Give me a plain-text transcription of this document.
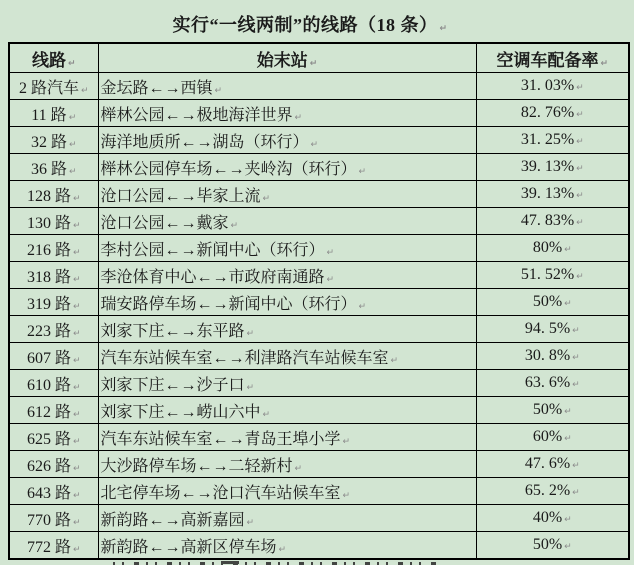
实行“一线两制”的线路（18 条） ↵
线路 ↵	始末站 ↵	空调车配备率 ↵
2 路汽车 ↵	金坛路←→西镇 ↵	31. 03% ↵
11 路 ↵	榉林公园←→极地海洋世界 ↵	82. 76% ↵
32 路 ↵	海洋地质所←→湖岛（环行） ↵	31. 25% ↵
36 路 ↵	榉林公园停车场←→夹岭沟（环行） ↵	39. 13% ↵
128 路 ↵	沧口公园←→毕家上流 ↵	39. 13% ↵
130 路 ↵	沧口公园←→戴家 ↵	47. 83% ↵
216 路 ↵	李村公园←→新闻中心（环行） ↵	80% ↵
318 路 ↵	李沧体育中心←→市政府南通路 ↵	51. 52% ↵
319 路 ↵	瑞安路停车场←→新闻中心（环行） ↵	50% ↵
223 路 ↵	刘家下庄←→东平路 ↵	94. 5% ↵
607 路 ↵	汽车东站候车室←→利津路汽车站候车室 ↵	30. 8% ↵
610 路 ↵	刘家下庄←→沙子口 ↵	63. 6% ↵
612 路 ↵	刘家下庄←→崂山六中 ↵	50% ↵
625 路 ↵	汽车东站候车室←→青岛王埠小学 ↵	60% ↵
626 路 ↵	大沙路停车场←→二轻新村 ↵	47. 6% ↵
643 路 ↵	北宅停车场←→沧口汽车站候车室 ↵	65. 2% ↵
770 路 ↵	新韵路←→高新嘉园 ↵	40% ↵
772 路 ↵	新韵路←→高新区停车场 ↵	50% ↵
